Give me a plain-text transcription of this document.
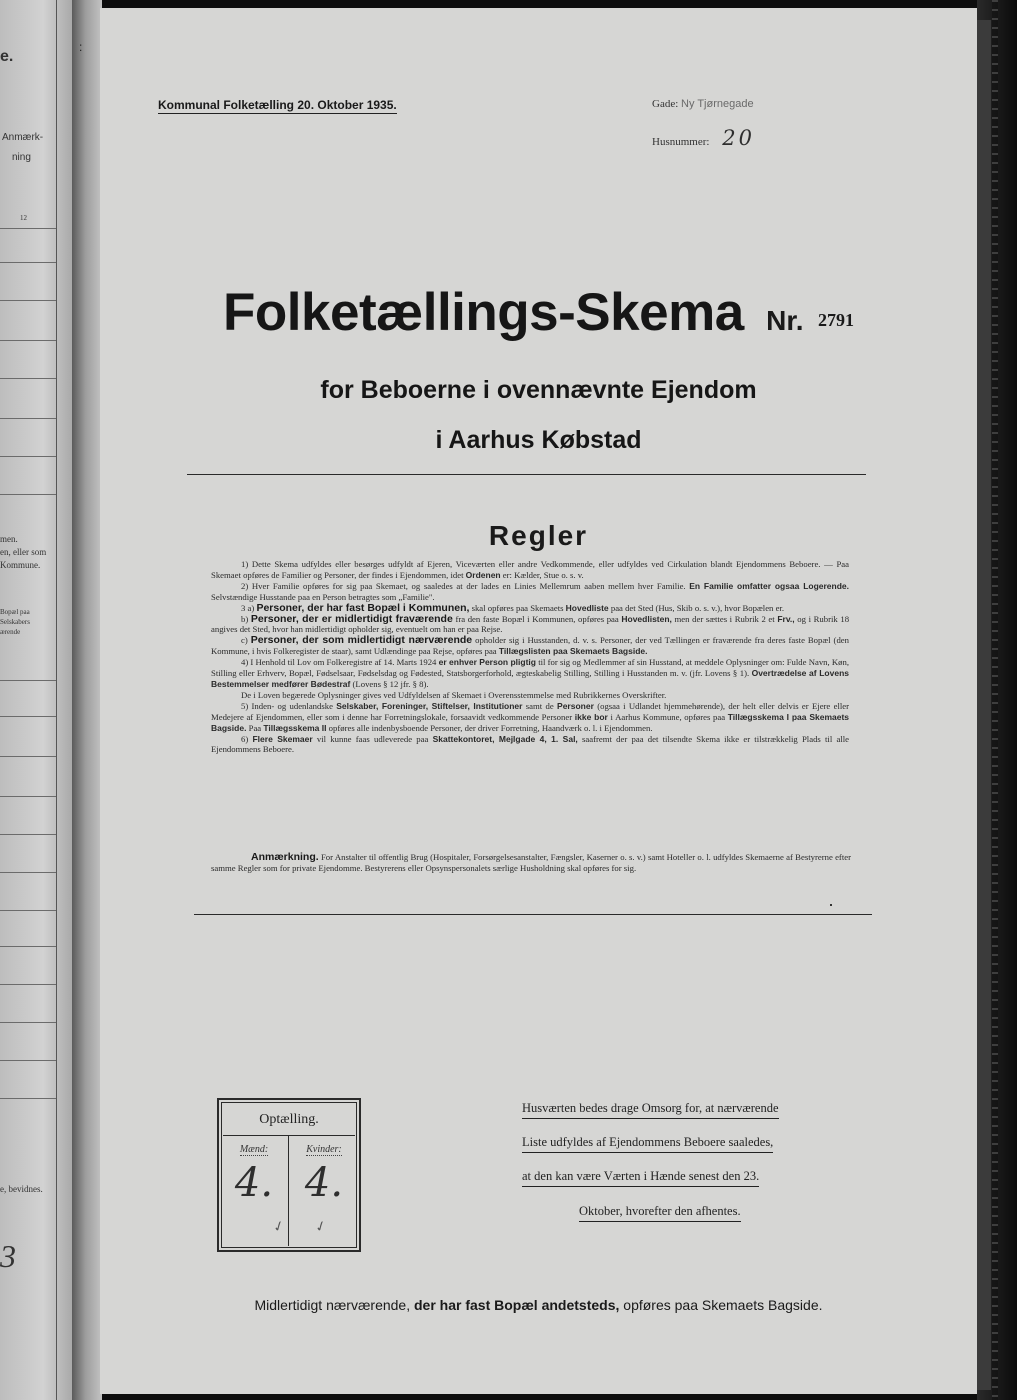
e.
Anmærk-
ning
12
men.
en, eller som
Kommune.
Bopæl paa
Selskabers
ærende
e, bevidnes.
3
:
Kommunal Folketælling 20. Oktober 1935.	Gade: Ny Tjørnegade
Husnummer: 20
Folketællings-Skema Nr. 2791
for Beboerne i ovennævnte Ejendom
i Aarhus Købstad
Regler

1) Dette Skema udfyldes eller besørges udfyldt af Ejeren, Viceværten eller andre Vedkommende, eller udfyldes ved Cirkulation blandt Ejendommens Beboere. — Paa Skemaet opføres de Familier og Personer, der findes i Ejendommen, idet Ordenen er: Kælder, Stue o. s. v.

2) Hver Familie opføres for sig paa Skemaet, og saaledes at der lades en Linies Mellemrum aaben mellem hver Familie. En Familie omfatter ogsaa Logerende. Selvstændige Husstande paa en Person betragtes som „Familie".

3 a) Personer, der har fast Bopæl i Kommunen, skal opføres paa Skemaets Hovedliste paa det Sted (Hus, Skib o. s. v.), hvor Bopælen er.

b) Personer, der er midlertidigt fraværende fra den faste Bopæl i Kommunen, opføres paa Hovedlisten, men der sættes i Rubrik 2 et Frv., og i Rubrik 18 angives det Sted, hvor han midlertidigt opholder sig, eventuelt om han er paa Rejse.

c) Personer, der som midlertidigt nærværende opholder sig i Husstanden, d. v. s. Personer, der ved Tællingen er fraværende fra deres faste Bopæl (den Kommune, i hvis Folkeregister de staar), samt Udlændinge paa Rejse, opføres paa Tillægslisten paa Skemaets Bagside.

4) I Henhold til Lov om Folkeregistre af 14. Marts 1924 er enhver Person pligtig til for sig og Medlemmer af sin Husstand, at meddele Oplysninger om: Fulde Navn, Køn, Stilling eller Erhverv, Bopæl, Fødselsaar, Fødselsdag og Fødested, Statsborgerforhold, ægteskabelig Stilling, Stilling i Husstanden m. v. (jfr. Lovens § 1). Overtrædelse af Lovens Bestemmelser medfører Bødestraf (Lovens § 12 jfr. § 8).

De i Loven begærede Oplysninger gives ved Udfyldelsen af Skemaet i Overensstemmelse med Rubrikkernes Overskrifter.

5) Inden- og udenlandske Selskaber, Foreninger, Stiftelser, Institutioner samt de Personer (ogsaa i Udlandet hjemmehørende), der helt eller delvis er Ejere eller Medejere af Ejendommen, eller som i denne har Forretningslokale, forsaavidt vedkommende Personer ikke bor i Aarhus Kommune, opføres paa Tillægsskema I paa Skemaets Bagside. Paa Tillægsskema II opføres alle indenbysboende Personer, der driver Forretning, Haandværk o. l. i Ejendommen.

6) Flere Skemaer vil kunne faas udleverede paa Skattekontoret, Mejlgade 4, 1. Sal, saafremt der paa det tilsendte Skema ikke er tilstrækkelig Plads til alle Ejendommens Beboere.

Anmærkning. For Anstalter til offentlig Brug (Hospitaler, Forsørgelsesanstalter, Fængsler, Kaserner o. s. v.) samt Hoteller o. l. udfyldes Skemaerne af Bestyrerne efter samme Regler som for private Ejendomme. Bestyrerens eller Opsynspersonalets særlige Husholdning skal opføres for sig.
Optælling.
Mænd:	Kvinder:
4. 4.
✓ ✓
Husværten bedes drage Omsorg for, at nærværende
Liste udfyldes af Ejendommens Beboere saaledes,
at den kan være Værten i Hænde senest den 23.
Oktober, hvorefter den afhentes.
Midlertidigt nærværende, der har fast Bopæl andetsteds, opføres paa Skemaets Bagside.
